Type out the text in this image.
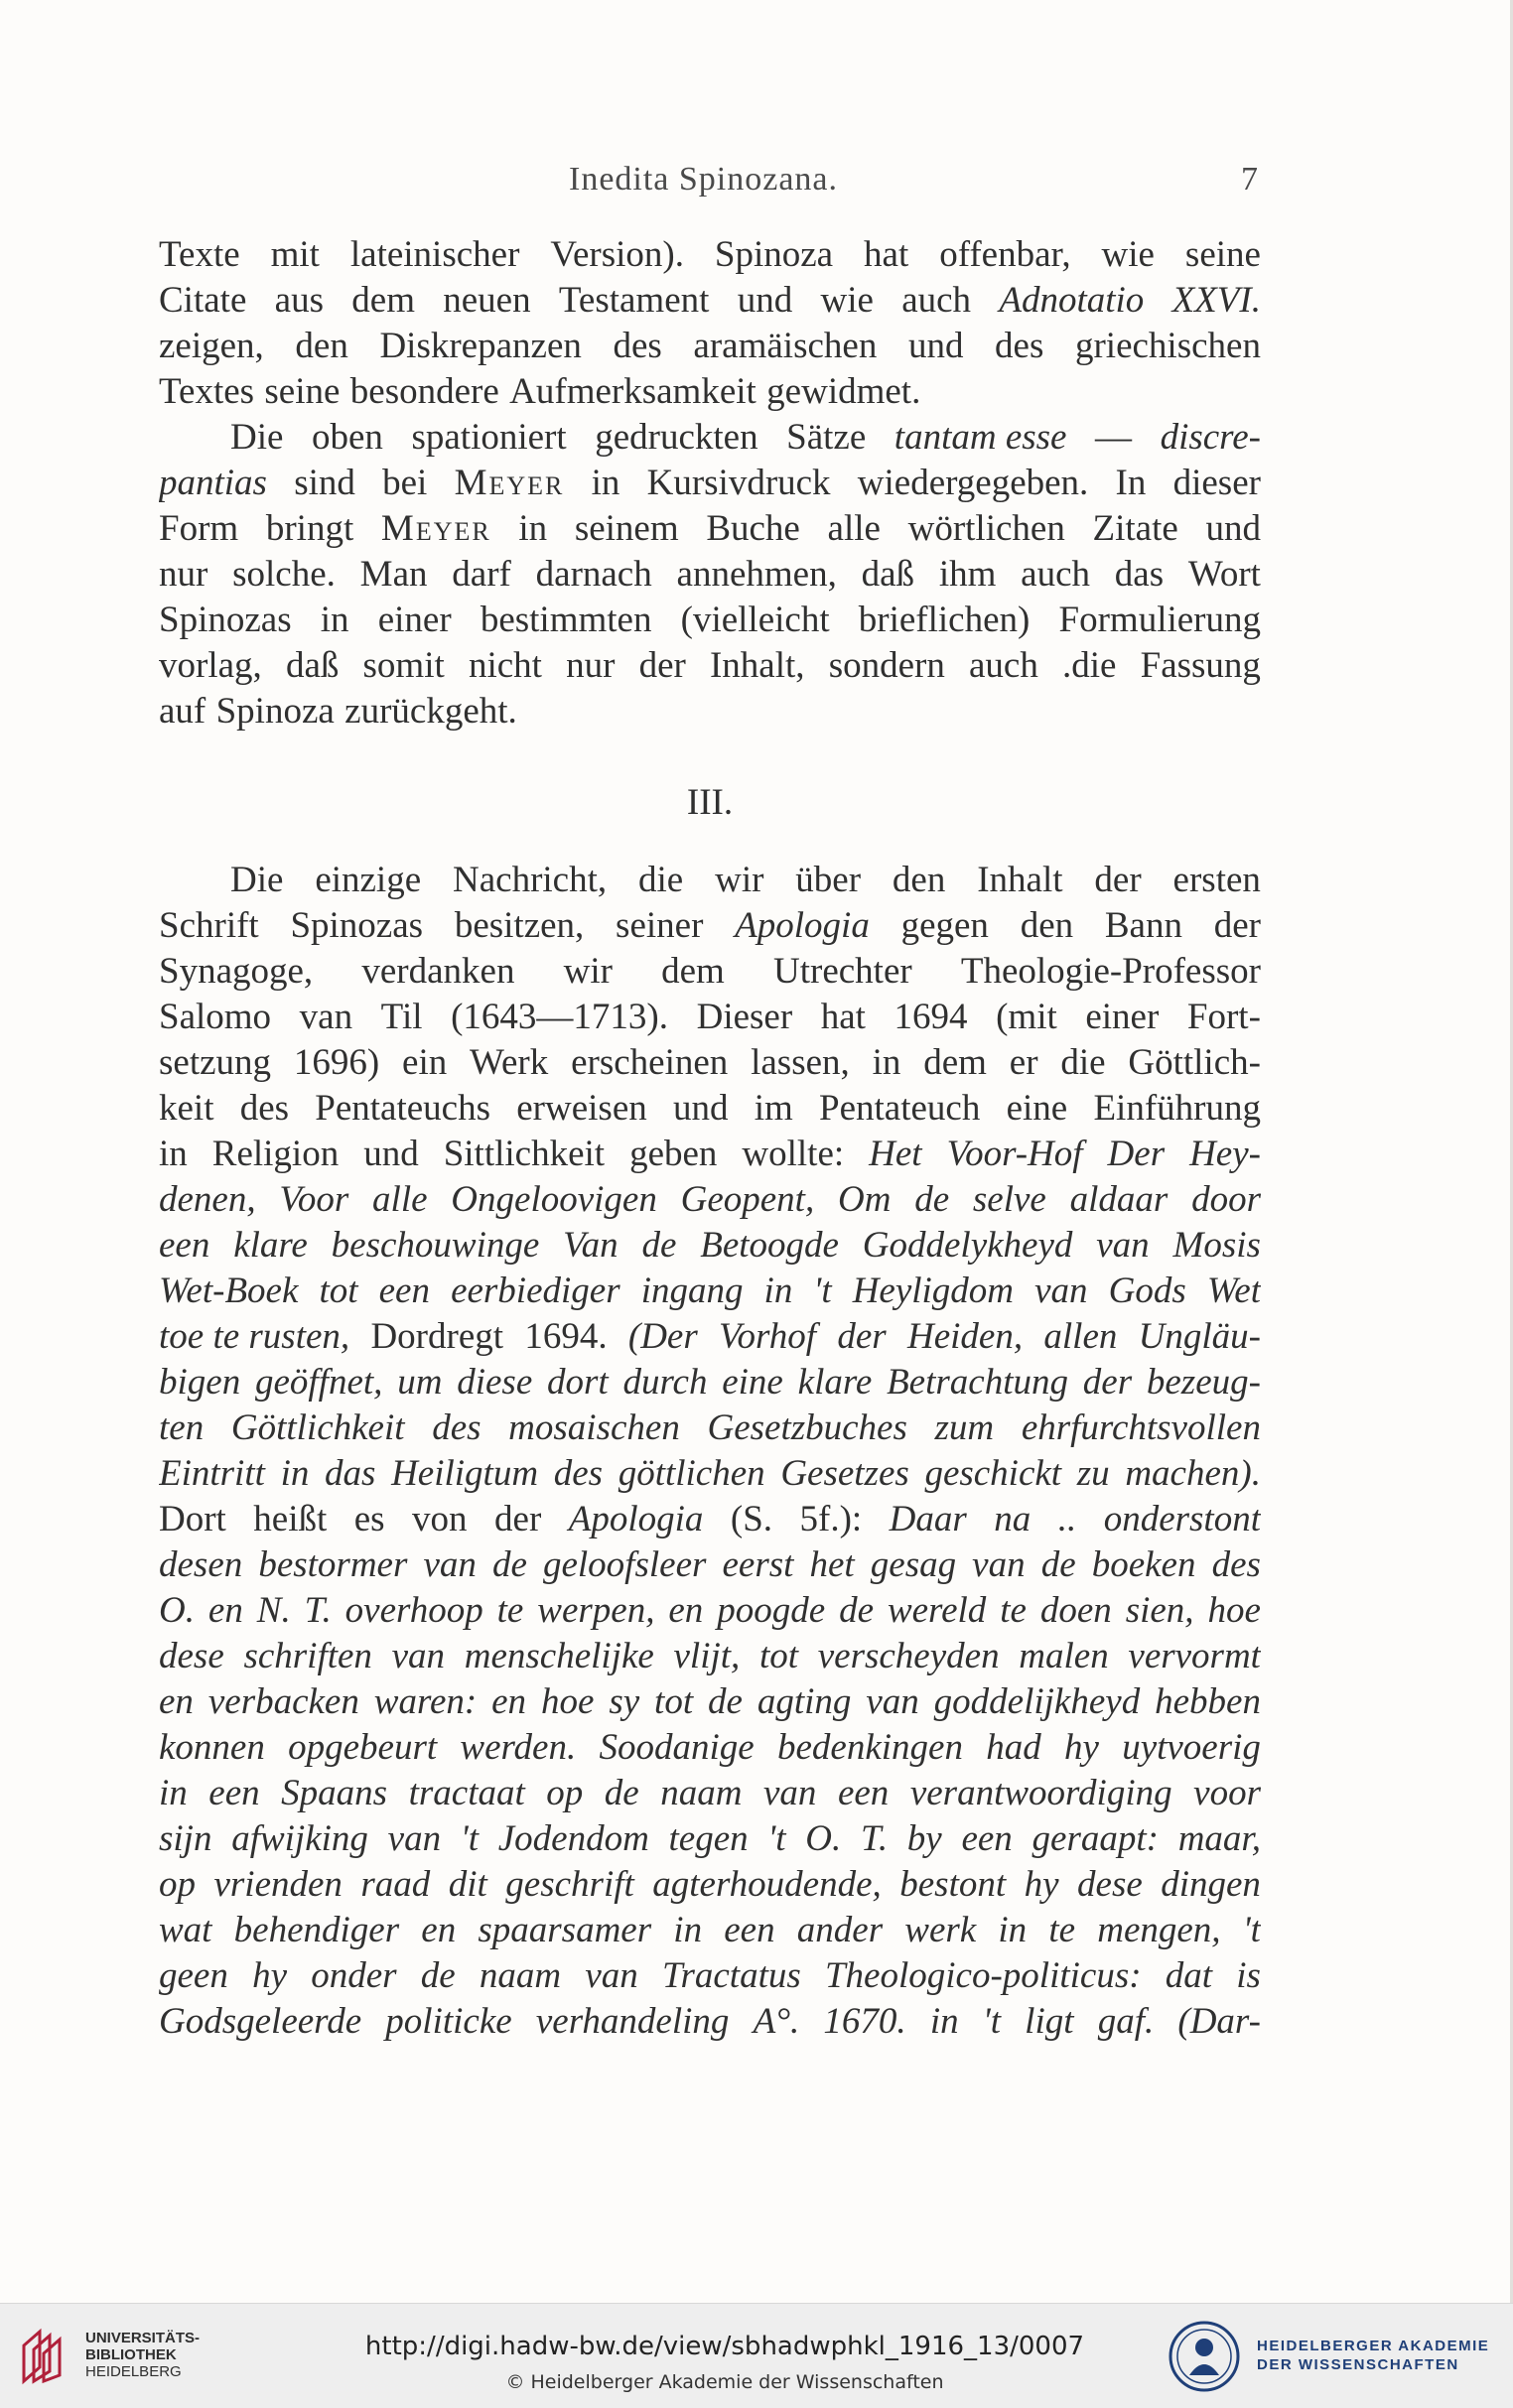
Inedita Spinozana.	7
Texte mit lateinischer Version). Spinoza hat offenbar, wie seine
Citate aus dem neuen Testament und wie auch Adnotatio XXVI.
zeigen, den Diskrepanzen des aramäischen und des griechischen
Textes seine besondere Aufmerksamkeit gewidmet.
Die oben spationiert gedruckten Sätze tantam esse — discre-
pantias sind bei Meyer in Kursivdruck wiedergegeben. In dieser
Form bringt Meyer in seinem Buche alle wörtlichen Zitate und
nur solche. Man darf darnach annehmen, daß ihm auch das Wort
Spinozas in einer bestimmten (vielleicht brieflichen) Formulierung
vorlag, daß somit nicht nur der Inhalt, sondern auch .die Fassung
auf Spinoza zurückgeht.
III.
Die einzige Nachricht, die wir über den Inhalt der ersten
Schrift Spinozas besitzen, seiner Apologia gegen den Bann der
Synagoge, verdanken wir dem Utrechter Theologie-Professor
Salomo van Til (1643—1713). Dieser hat 1694 (mit einer Fort-
setzung 1696) ein Werk erscheinen lassen, in dem er die Göttlich-
keit des Pentateuchs erweisen und im Pentateuch eine Einführung
in Religion und Sittlichkeit geben wollte: Het Voor-Hof Der Hey-
denen, Voor alle Ongeloovigen Geopent, Om de selve aldaar door
een klare beschouwinge Van de Betoogde Goddelykheyd van Mosis
Wet-Boek tot een eerbiediger ingang in 't Heyligdom van Gods Wet
toe te rusten, Dordregt 1694. (Der Vorhof der Heiden, allen Ungläu-
bigen geöffnet, um diese dort durch eine klare Betrachtung der bezeug-
ten Göttlichkeit des mosaischen Gesetzbuches zum ehrfurchtsvollen
Eintritt in das Heiligtum des göttlichen Gesetzes geschickt zu machen).
Dort heißt es von der Apologia (S. 5f.): Daar na .. onderstont
desen bestormer van de geloofsleer eerst het gesag van de boeken des
O. en N. T. overhoop te werpen, en poogde de wereld te doen sien, hoe
dese schriften van menschelijke vlijt, tot verscheyden malen vervormt
en verbacken waren: en hoe sy tot de agting van goddelijkheyd hebben
konnen opgebeurt werden. Soodanige bedenkingen had hy uytvoerig
in een Spaans tractaat op de naam van een verantwoordiging voor
sijn afwijking van 't Jodendom tegen 't O. T. by een geraapt: maar,
op vrienden raad dit geschrift agterhoudende, bestont hy dese dingen
wat behendiger en spaarsamer in een ander werk in te mengen, 't
geen hy onder de naam van Tractatus Theologico-politicus: dat is
Godsgeleerde politicke verhandeling A°. 1670. in 't ligt gaf. (Dar-
UNIVERSITÄTS-
BIBLIOTHEK
HEIDELBERG
http://digi.hadw-bw.de/view/sbhadwphkl_1916_13/0007
© Heidelberger Akademie der Wissenschaften
HEIDELBERGER AKADEMIE
DER WISSENSCHAFTEN
